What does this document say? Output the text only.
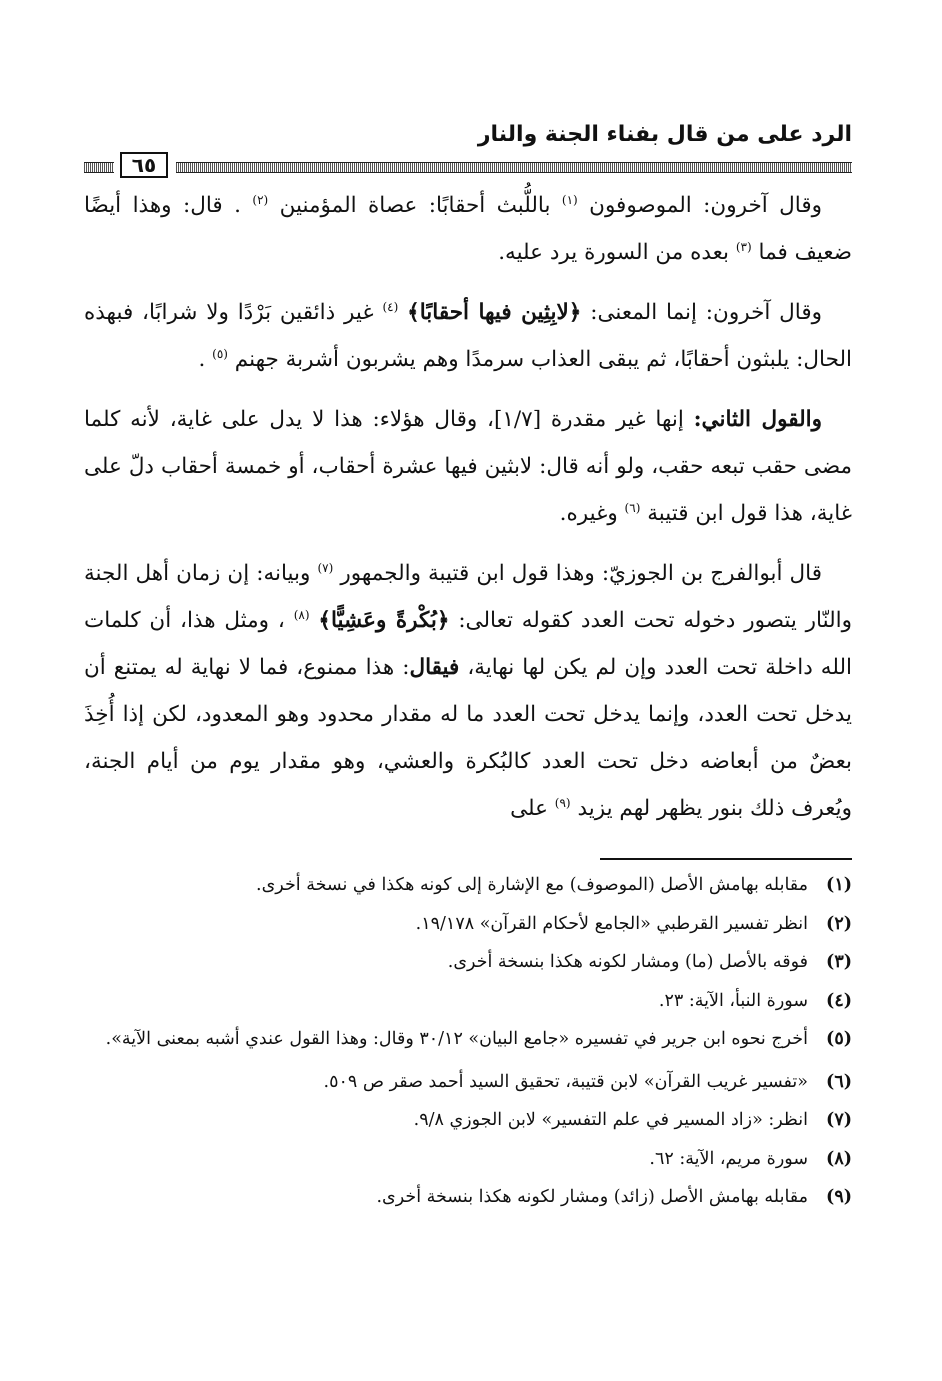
الرد على من قال بفناء الجنة والنار
٦٥

وقال آخرون: الموصوفون $^{(١)}$ باللُّبث أحقابًا: عصاة المؤمنين $^{(٢)}$ . قال: وهذا أيضًا ضعيف فما $^{(٣)}$ بعده من السورة يرد عليه.

وقال آخرون: إنما المعنى: ﴿لابِثِين فيها أحقابًا﴾ $^{(٤)}$ غير ذائقين بَرْدًا ولا شرابًا، فبهذه الحال: يلبثون أحقابًا، ثم يبقى العذاب سرمدًا وهم يشربون أشربة جهنم $^{(٥)}$ .

والقول الثاني: إنها غير مقدرة [١/٧]، وقال هؤلاء: هذا لا يدل على غاية، لأنه كلما مضى حقب تبعه حقب، ولو أنه قال: لابثين فيها عشرة أحقاب، أو خمسة أحقاب دلّ على غاية، هذا قول ابن قتيبة $^{(٦)}$ وغيره.

قال أبوالفرج بن الجوزيّ: وهذا قول ابن قتيبة والجمهور $^{(٧)}$ وبيانه: إن زمان أهل الجنة والنّار يتصور دخوله تحت العدد كقوله تعالى: ﴿بُكْرةً وعَشِيًّا﴾ $^{(٨)}$ ، ومثل هذا، أن كلمات الله داخلة تحت العدد وإن لم يكن لها نهاية، فيقال: هذا ممنوع، فما لا نهاية له يمتنع أن يدخل تحت العدد، وإنما يدخل تحت العدد ما له مقدار محدود وهو المعدود، لكن إذا أُخِذَ بعضٌ من أبعاضه دخل تحت العدد كالبُكرة والعشي، وهو مقدار يوم من أيام الجنة، ويُعرف ذلك بنور يظهر لهم يزيد $^{(٩)}$ على

(١)
مقابله بهامش الأصل (الموصوف) مع الإشارة إلى كونه هكذا في نسخة أخرى.
(٢)
انظر تفسير القرطبي «الجامع لأحكام القرآن» ١٩/١٧٨.
(٣)
فوقه بالأصل (ما) ومشار لكونه هكذا بنسخة أخرى.
(٤)
سورة النبأ، الآية: ٢٣.
(٥)
أخرج نحوه ابن جرير في تفسيره «جامع البيان» ٣٠/١٢ وقال: وهذا القول عندي أشبه بمعنى الآية».
(٦)
«تفسير غريب القرآن» لابن قتيبة، تحقيق السيد أحمد صقر ص ٥٠٩.
(٧)
انظر: «زاد المسير في علم التفسير» لابن الجوزي ٩/٨.
(٨)
سورة مريم، الآية: ٦٢.
(٩)
مقابله بهامش الأصل (زائد) ومشار لكونه هكذا بنسخة أخرى.
